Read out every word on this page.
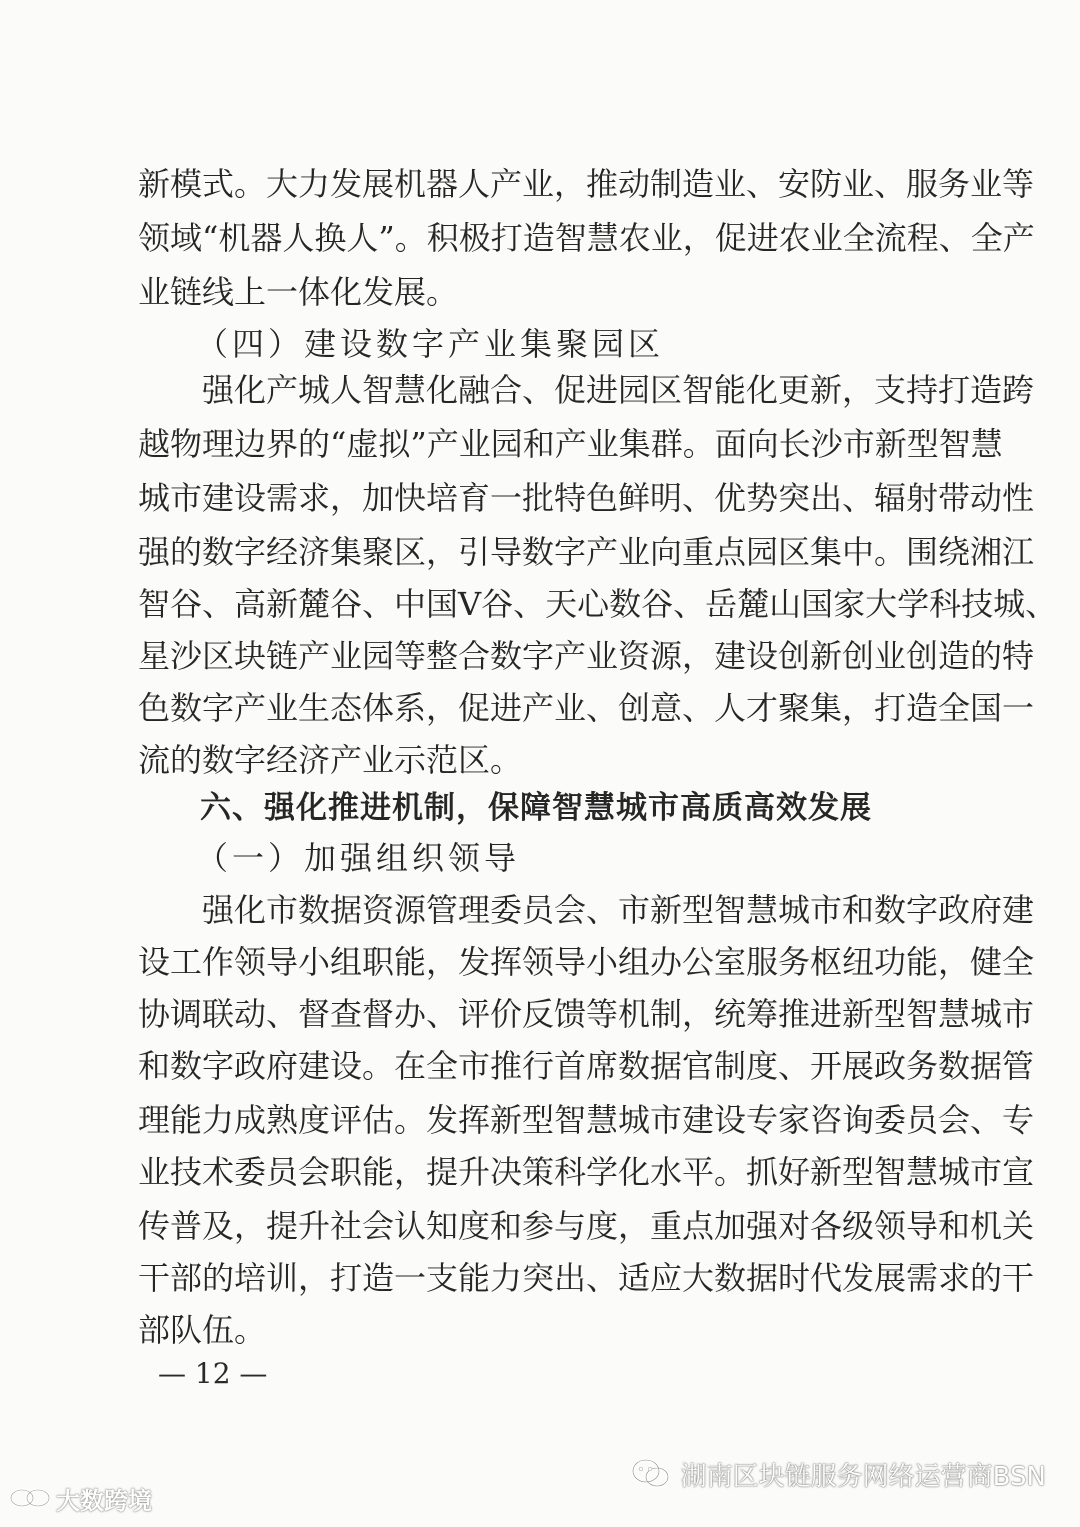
新模式。大力发展机器人产业，推动制造业、安防业、服务业等
领域“机器人换人”。积极打造智慧农业，促进农业全流程、全产
业链线上一体化发展。
（四）建设数字产业集聚园区
强化产城人智慧化融合、促进园区智能化更新，支持打造跨
越物理边界的“虚拟”产业园和产业集群。面向长沙市新型智慧
城市建设需求，加快培育一批特色鲜明、优势突出、辐射带动性
强的数字经济集聚区，引导数字产业向重点园区集中。围绕湘江
智谷、高新麓谷、中国V谷、天心数谷、岳麓山国家大学科技城、
星沙区块链产业园等整合数字产业资源，建设创新创业创造的特
色数字产业生态体系，促进产业、创意、人才聚集，打造全国一
流的数字经济产业示范区。
六、强化推进机制，保障智慧城市高质高效发展
（一）加强组织领导
强化市数据资源管理委员会、市新型智慧城市和数字政府建
设工作领导小组职能，发挥领导小组办公室服务枢纽功能，健全
协调联动、督查督办、评价反馈等机制，统筹推进新型智慧城市
和数字政府建设。在全市推行首席数据官制度、开展政务数据管
理能力成熟度评估。发挥新型智慧城市建设专家咨询委员会、专
业技术委员会职能，提升决策科学化水平。抓好新型智慧城市宣
传普及，提升社会认知度和参与度，重点加强对各级领导和机关
干部的培训，打造一支能力突出、适应大数据时代发展需求的干
部队伍。
— 12 —
大数跨境
湖南区块链服务网络运营商BSN
